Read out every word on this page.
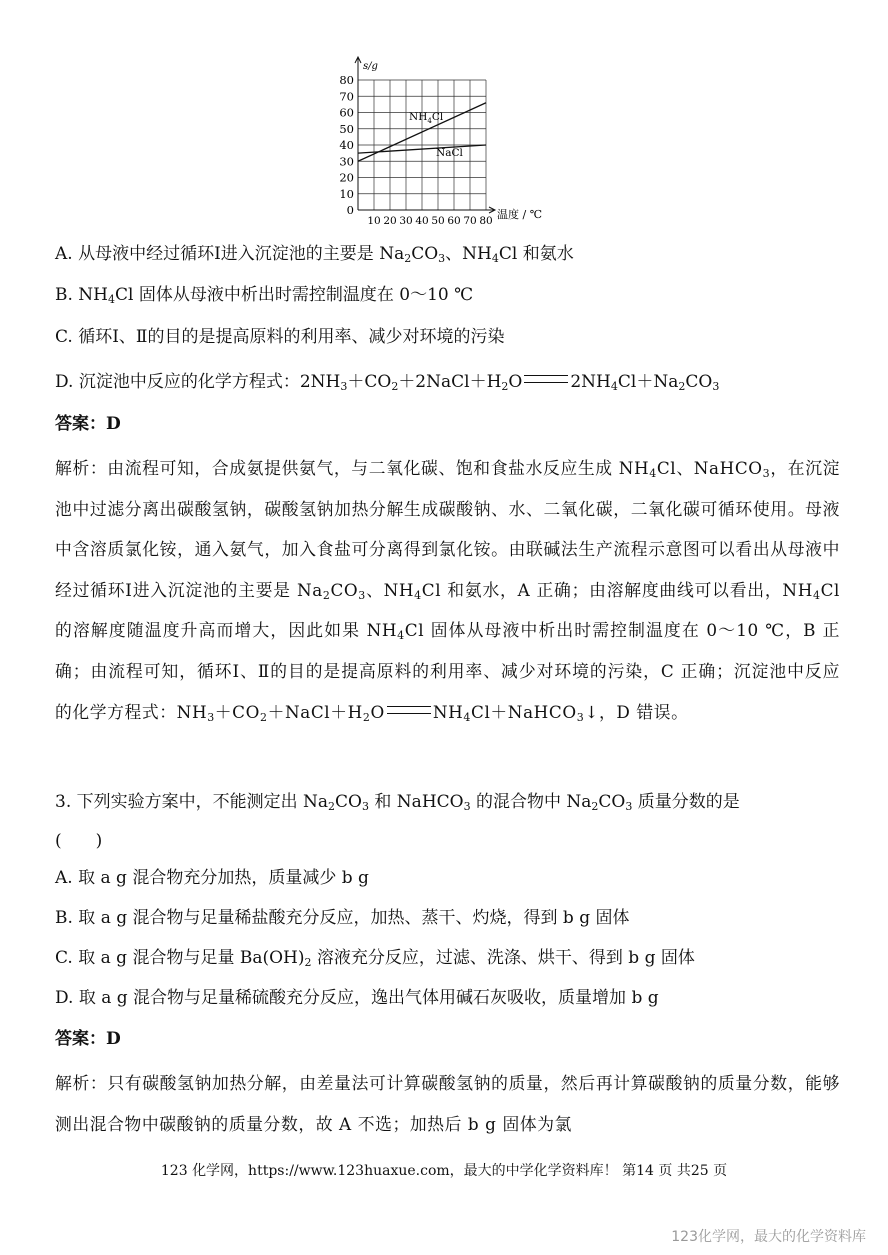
0
10
20
30
40
50
60
70
80
10 20 30 40 50 60 70 80
s/g
温度 / ℃
$NH_4Cl$
NaCl
A. 从母液中经过循环Ⅰ进入沉淀池的主要是 $Na_2CO_3$、$NH_4Cl$ 和氨水
B. $NH_4Cl$ 固体从母液中析出时需控制温度在 0～10 ℃
C. 循环Ⅰ、Ⅱ的目的是提高原料的利用率、减少对环境的污染
D. 沉淀池中反应的化学方程式：$2NH_3+CO_2+2NaCl+H_2O$	$2NH_4Cl+Na_2CO_3$
答案：D
解析：由流程可知，合成氨提供氨气，与二氧化碳、饱和食盐水反应生成 $NH_4Cl$、NaHCO$_3$，在沉淀池中过滤分离出碳酸氢钠，碳酸氢钠加热分解生成碳酸钠、水、二氧化碳，二氧化碳可循环使用。母液中含溶质氯化铵，通入氨气，加入食盐可分离得到氯化铵。由联碱法生产流程示意图可以看出从母液中经过循环Ⅰ进入沉淀池的主要是 $Na_2CO_3$、$NH_4Cl$ 和氨水，A 正确；由溶解度曲线可以看出，$NH_4Cl$ 的溶解度随温度升高而增大，因此如果 $NH_4Cl$ 固体从母液中析出时需控制温度在 0～10 ℃，B 正确；由流程可知，循环Ⅰ、Ⅱ的目的是提高原料的利用率、减少对环境的污染，C 正确；沉淀池中反应的化学方程式：$NH_3+CO_2+NaCl+H_2O$	$NH_4Cl+NaHCO_3↓$，D 错误。
3. 下列实验方案中，不能测定出 $Na_2CO_3$ 和 NaHCO$_3$ 的混合物中 $Na_2CO_3$ 质量分数的是
(　　)
A. 取 a g 混合物充分加热，质量减少 b g
B. 取 a g 混合物与足量稀盐酸充分反应，加热、蒸干、灼烧，得到 b g 固体
C. 取 a g 混合物与足量 $Ba(OH)_2$ 溶液充分反应，过滤、洗涤、烘干、得到 b g 固体
D. 取 a g 混合物与足量稀硫酸充分反应，逸出气体用碱石灰吸收，质量增加 b g
答案：D
解析：只有碳酸氢钠加热分解，由差量法可计算碳酸氢钠的质量，然后再计算碳酸钠的质量分数，能够测出混合物中碳酸钠的质量分数，故 A 不选；加热后 b g 固体为氯
123 化学网，https://www.123huaxue.com，最大的中学化学资料库！ 第14 页 共25 页
123化学网，最大的化学资料库
